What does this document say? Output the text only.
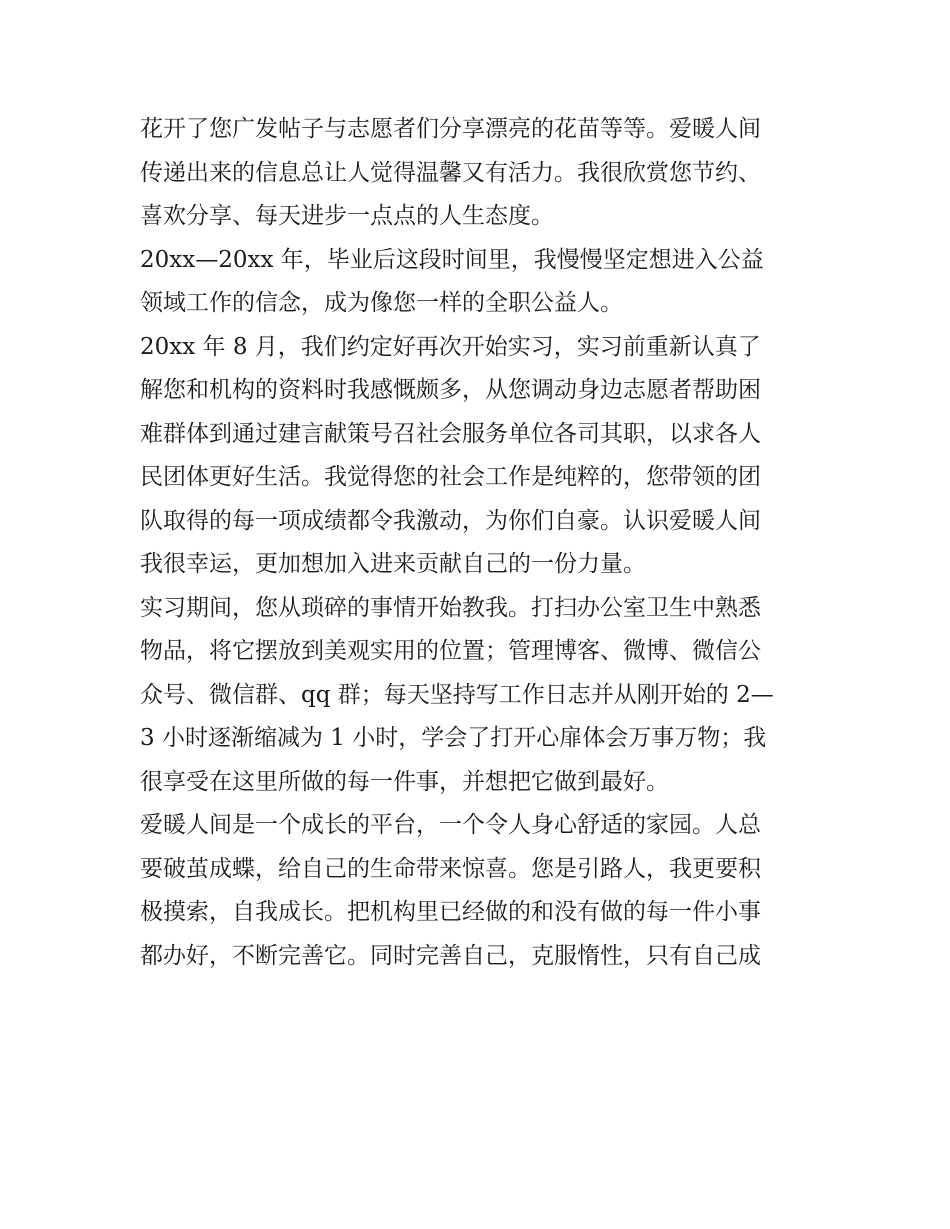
花开了您广发帖子与志愿者们分享漂亮的花苗等等。爱暖人间
传递出来的信息总让人觉得温馨又有活力。我很欣赏您节约、
喜欢分享、每天进步一点点的人生态度。
20xx—20xx 年，毕业后这段时间里，我慢慢坚定想进入公益
领域工作的信念，成为像您一样的全职公益人。
20xx 年 8 月，我们约定好再次开始实习，实习前重新认真了
解您和机构的资料时我感慨颇多，从您调动身边志愿者帮助困
难群体到通过建言献策号召社会服务单位各司其职，以求各人
民团体更好生活。我觉得您的社会工作是纯粹的，您带领的团
队取得的每一项成绩都令我激动，为你们自豪。认识爱暖人间
我很幸运，更加想加入进来贡献自己的一份力量。
实习期间，您从琐碎的事情开始教我。打扫办公室卫生中熟悉
物品，将它摆放到美观实用的位置；管理博客、微博、微信公
众号、微信群、qq 群；每天坚持写工作日志并从刚开始的 2—
3 小时逐渐缩减为 1 小时，学会了打开心扉体会万事万物；我
很享受在这里所做的每一件事，并想把它做到最好。
爱暖人间是一个成长的平台，一个令人身心舒适的家园。人总
要破茧成蝶，给自己的生命带来惊喜。您是引路人，我更要积
极摸索，自我成长。把机构里已经做的和没有做的每一件小事
都办好，不断完善它。同时完善自己，克服惰性，只有自己成
